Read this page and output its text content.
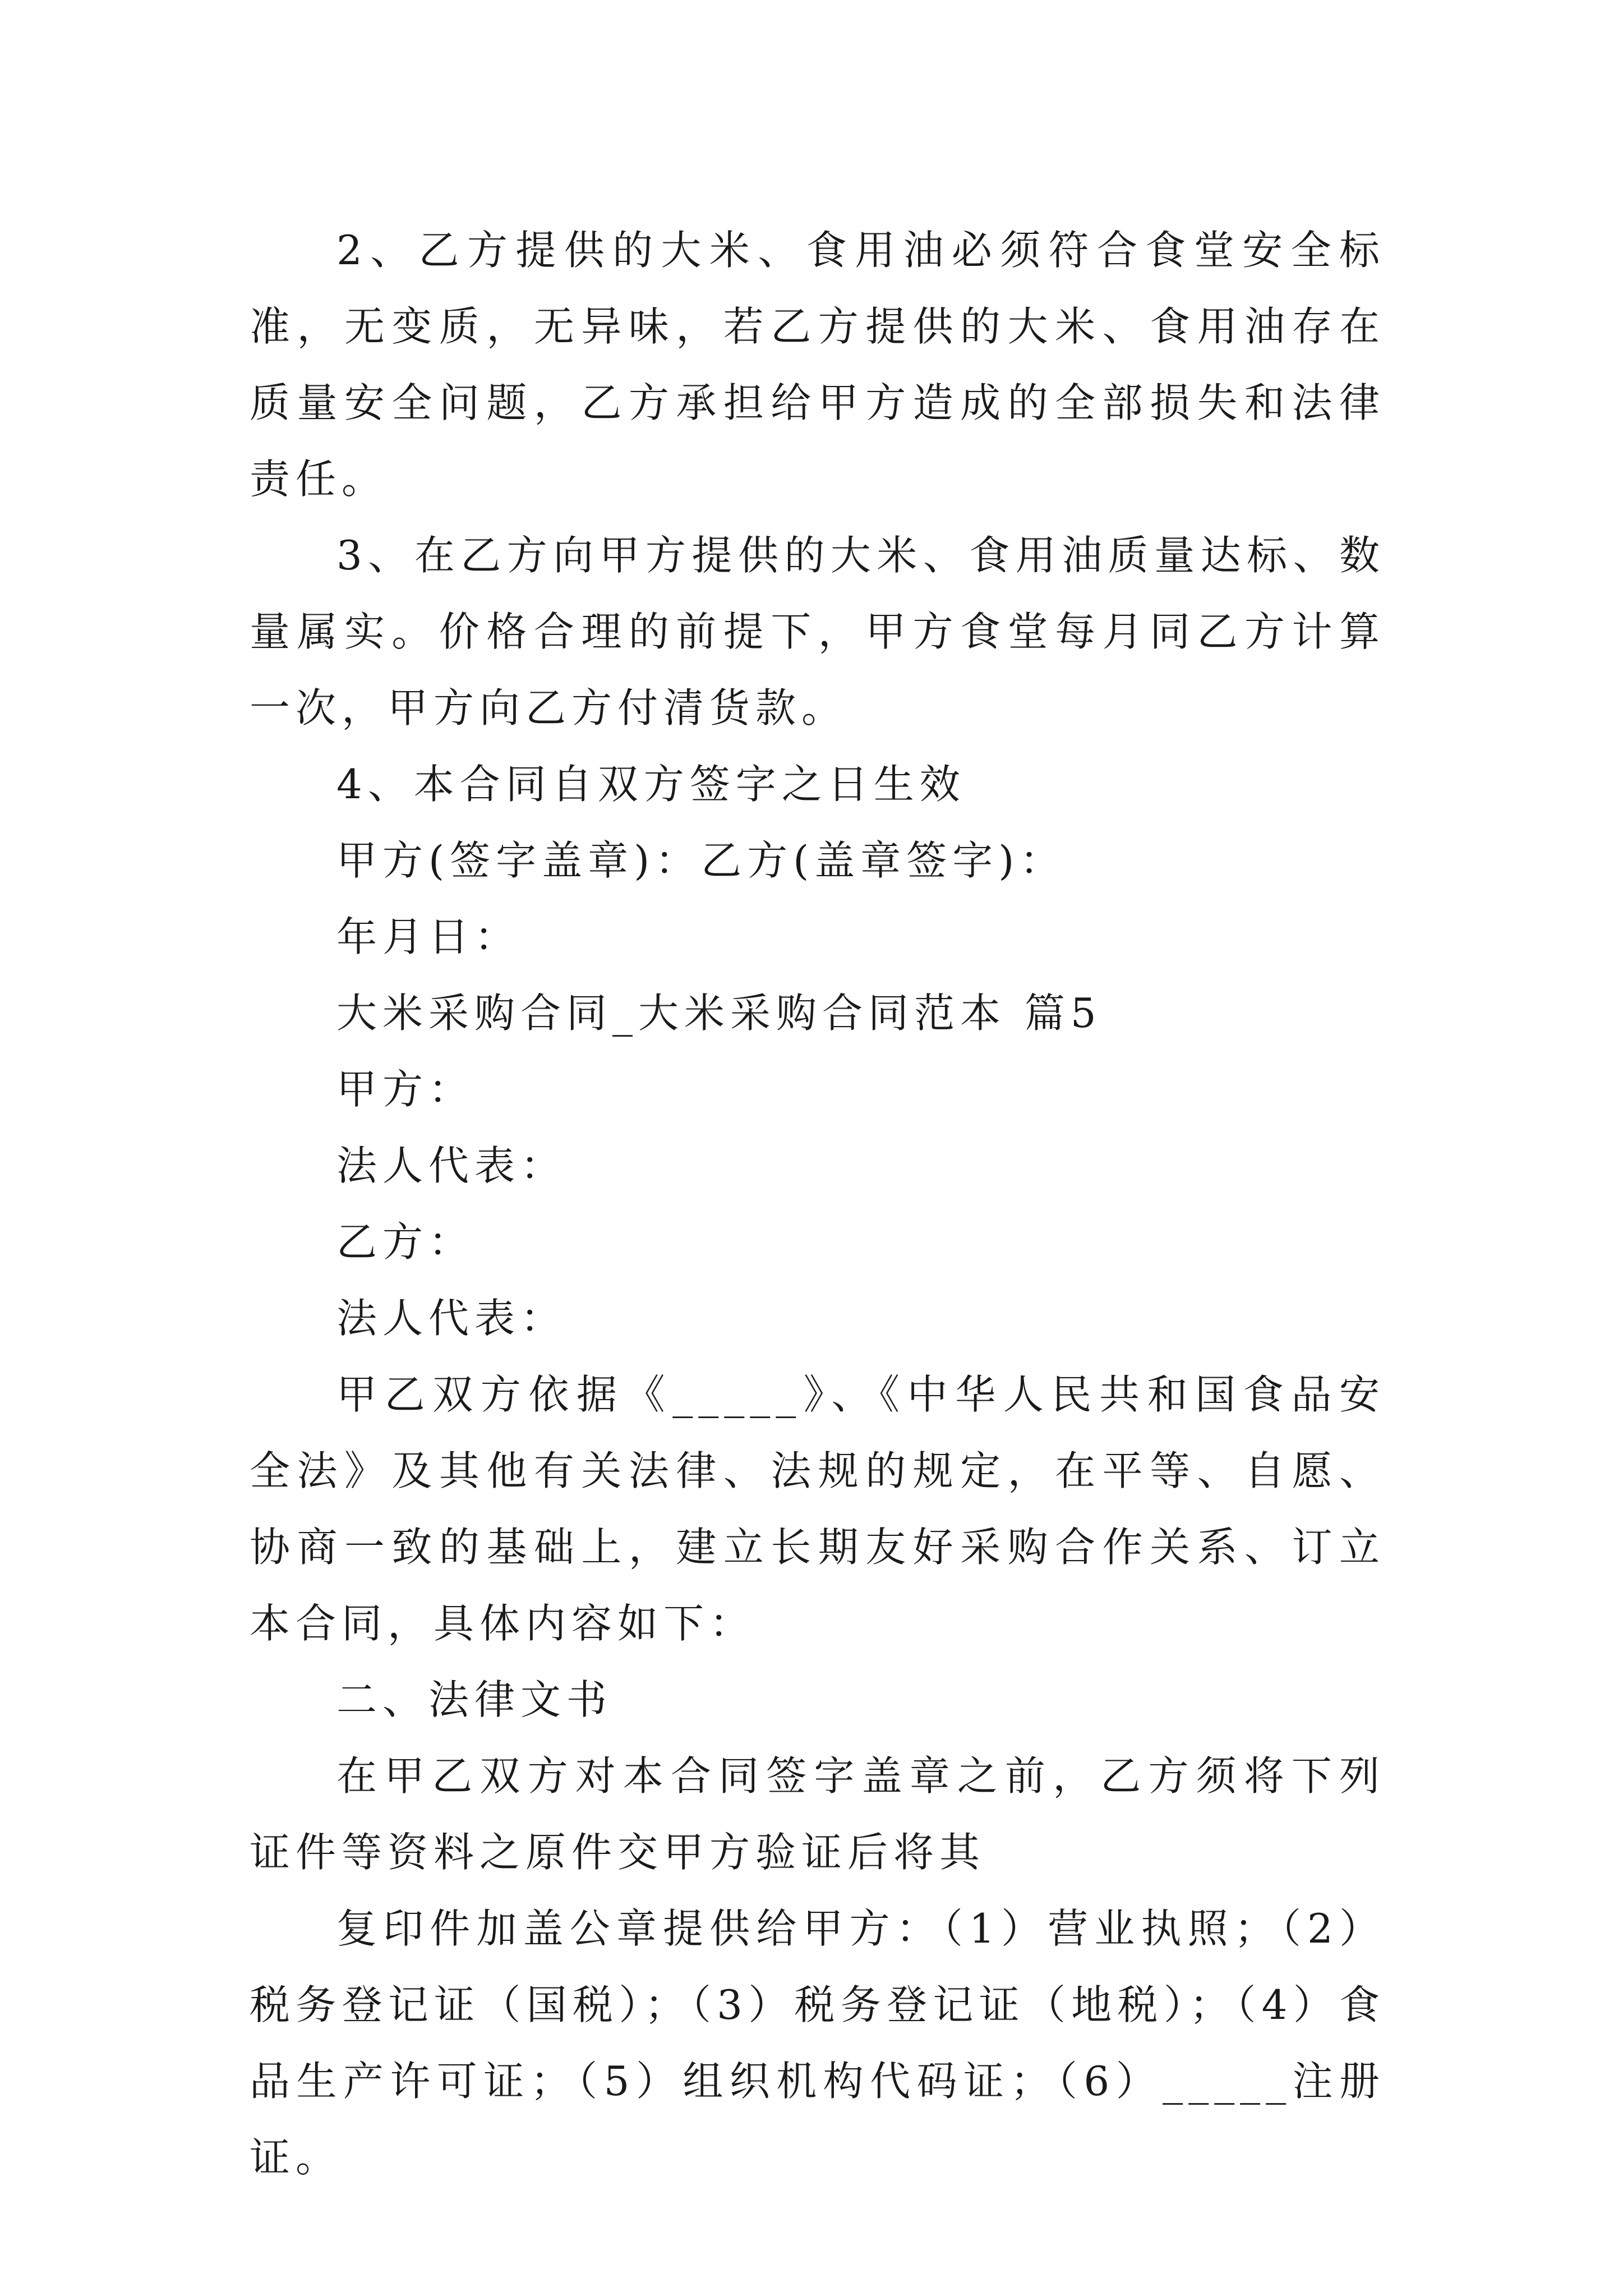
2、乙方提供的大米、食用油必须符合食堂安全标准，无变质，无异味，若乙方提供的大米、食用油存在质量安全问题，乙方承担给甲方造成的全部损失和法律责任。

3、在乙方向甲方提供的大米、食用油质量达标、数量属实。价格合理的前提下，甲方食堂每月同乙方计算一次，甲方向乙方付清货款。

4、本合同自双方签字之日生效

甲方(签字盖章)：乙方(盖章签字)：

年月日：

大米采购合同_大米采购合同范本 篇5

甲方：

法人代表：

乙方：

法人代表：

甲乙双方依据《_____》、《中华人民共和国食品安全法》及其他有关法律、法规的规定，在平等、自愿、协商一致的基础上，建立长期友好采购合作关系、订立本合同，具体内容如下：

二、法律文书

在甲乙双方对本合同签字盖章之前，乙方须将下列证件等资料之原件交甲方验证后将其

复印件加盖公章提供给甲方：（1）营业执照；（2）税务登记证（国税）；（3）税务登记证（地税）；（4）食品生产许可证；（5）组织机构代码证；（6）_____注册证。
